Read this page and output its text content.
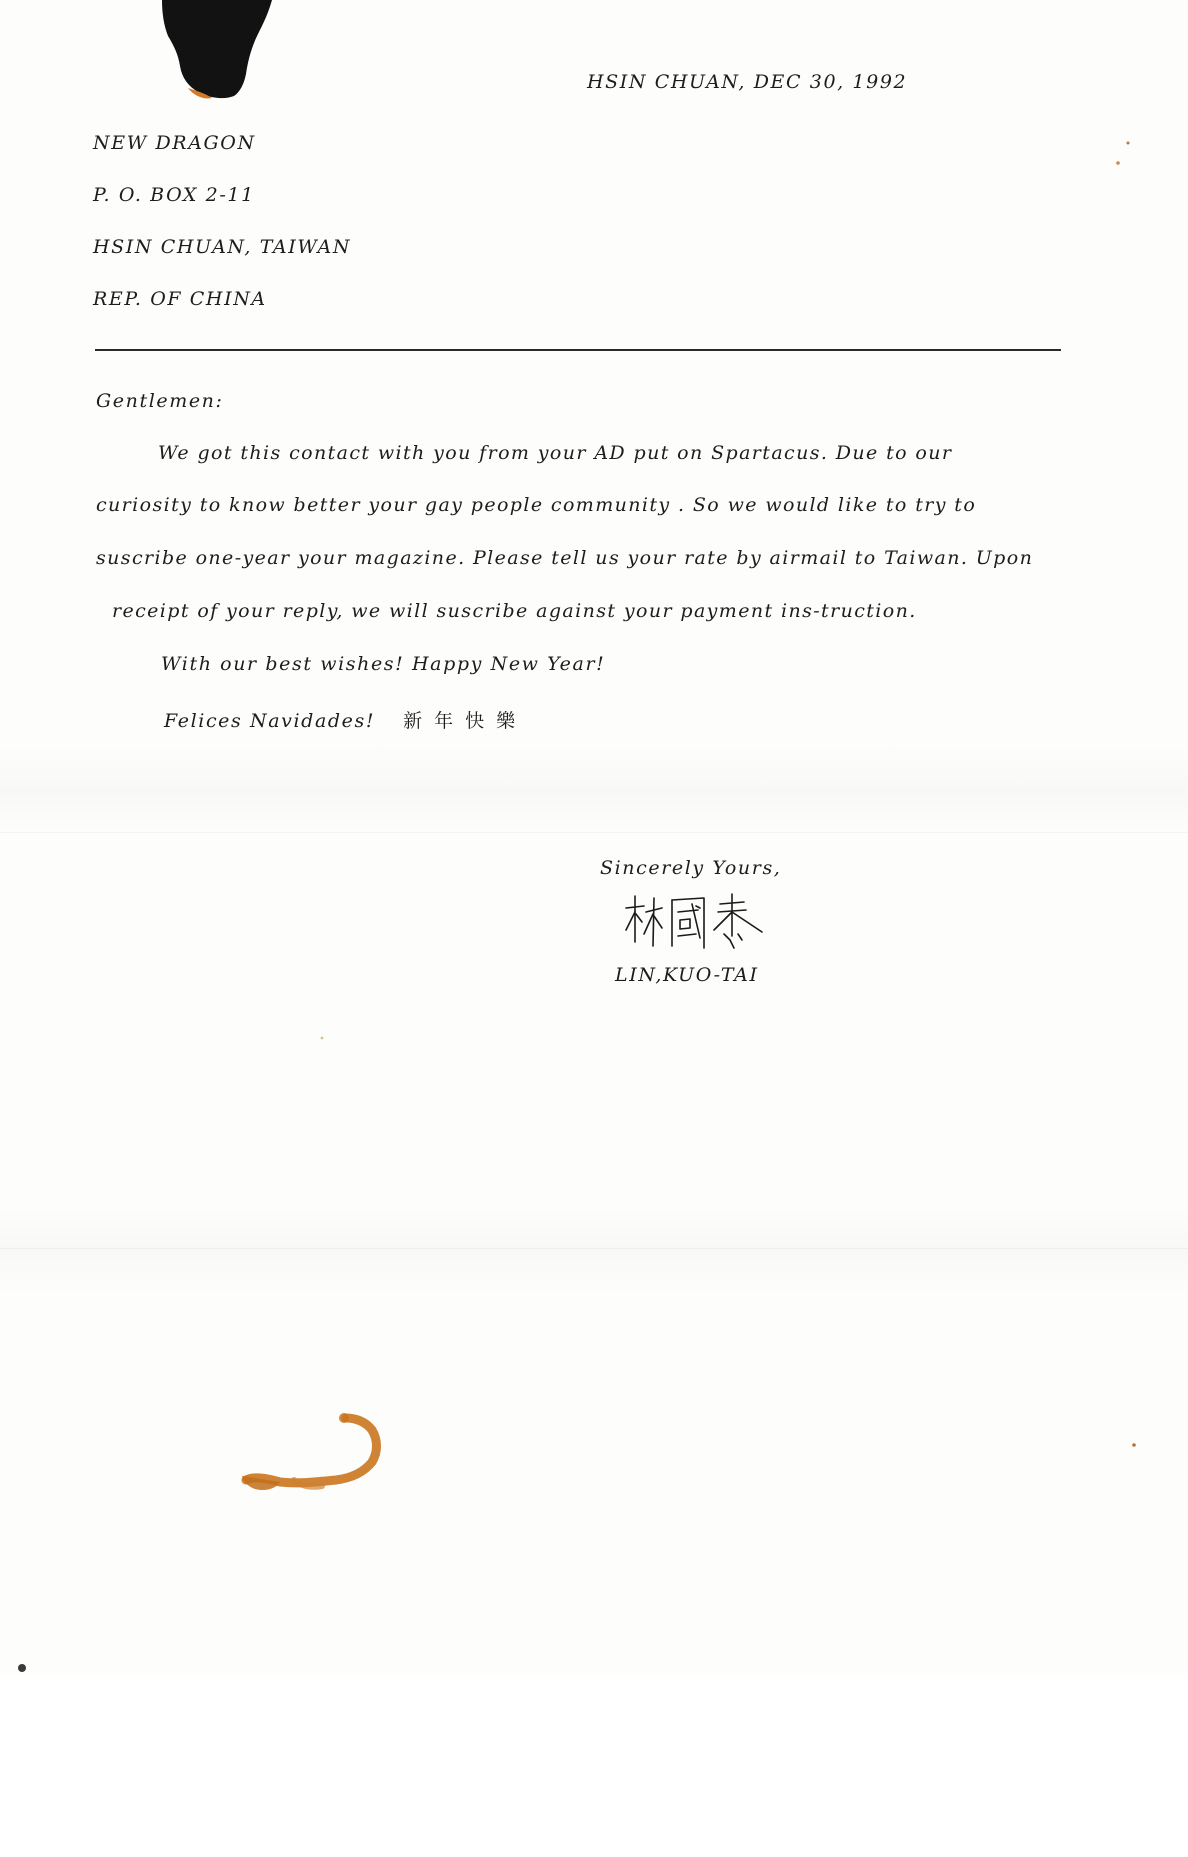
HSIN CHUAN, DEC 30, 1992
NEW DRAGON
P. O. BOX 2-11
HSIN CHUAN, TAIWAN
REP. OF CHINA
Gentlemen:
We got this contact with you from your AD put on Spartacus. Due to our
curiosity to know better your gay people community . So we would like to try to
suscribe one-year your magazine. Please tell us your rate by airmail to Taiwan. Upon
receipt of your reply, we will suscribe against your payment ins-truction.
With our best wishes! Happy New Year!
Felices Navidades! 新年快樂
Sincerely Yours,
LIN,KUO-TAI
